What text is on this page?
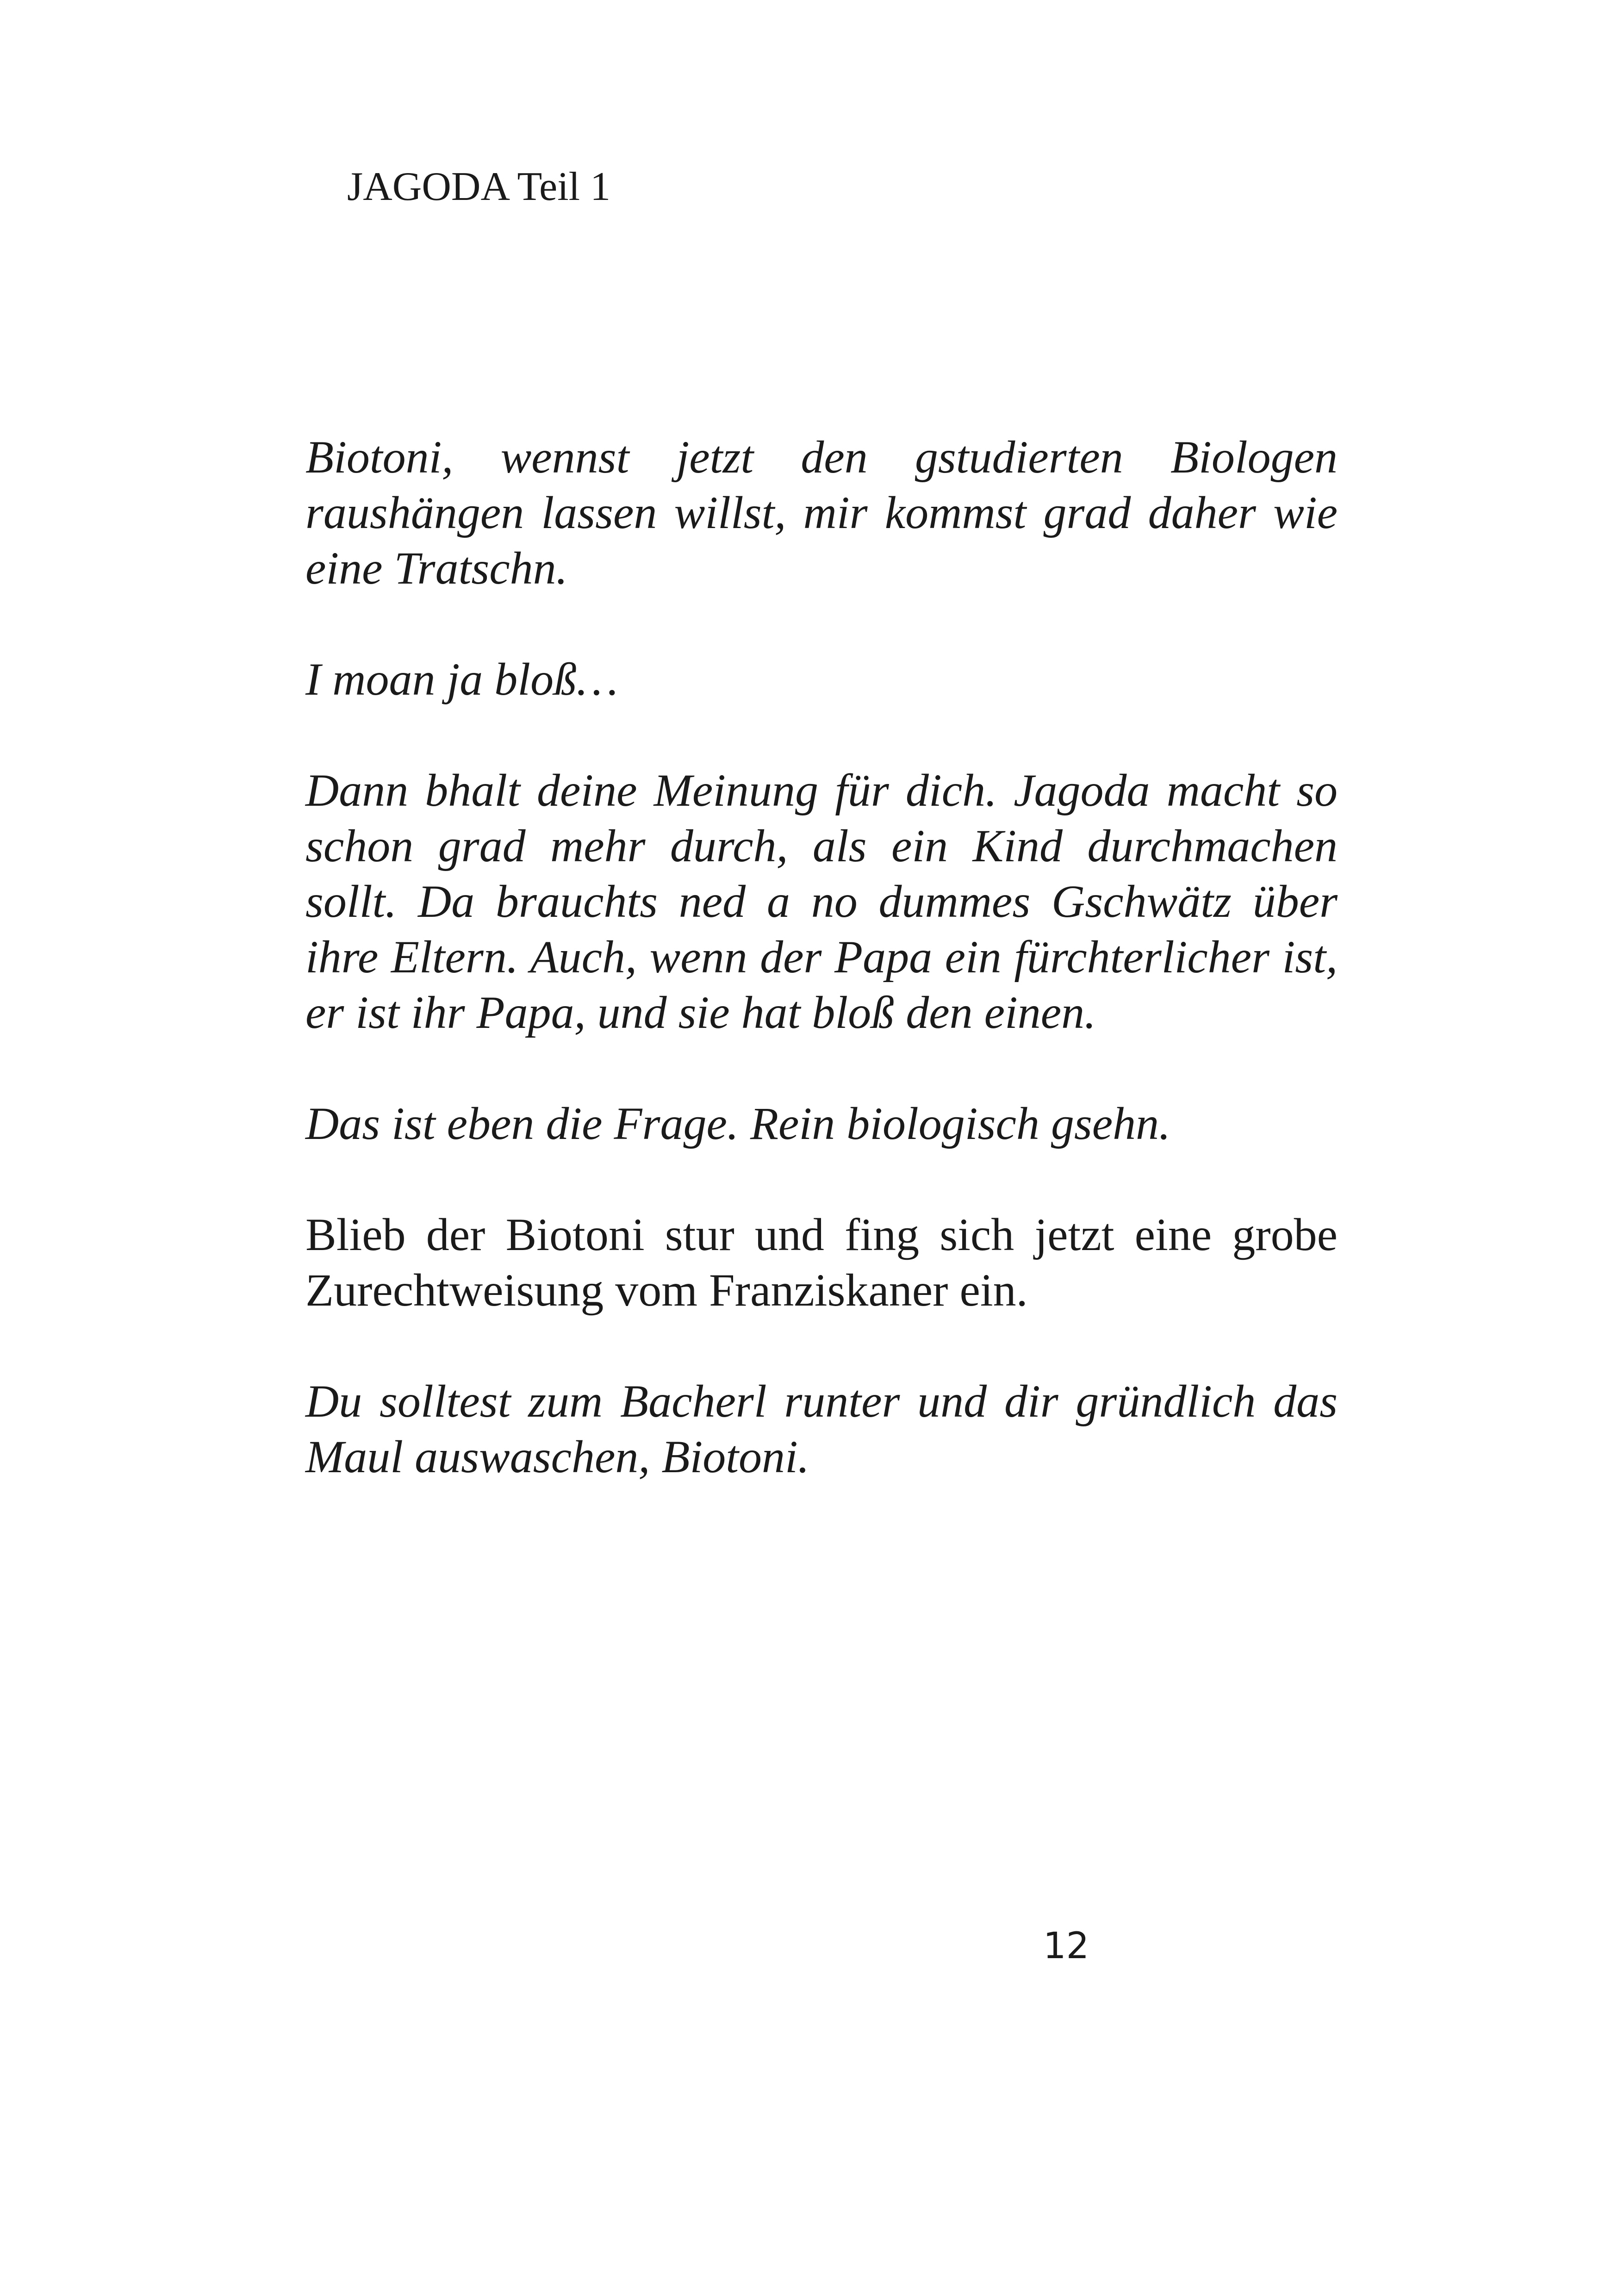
JAGODA Teil 1

Biotoni, wennst jetzt den gstudierten Biologen raushängen lassen willst, mir kommst grad daher wie eine Tratschn.

I moan ja bloß…

Dann bhalt deine Meinung für dich. Jagoda macht so schon grad mehr durch, als ein Kind durchmachen sollt. Da brauchts ned a no dummes Gschwätz über ihre Eltern. Auch, wenn der Papa ein fürchterlicher ist, er ist ihr Papa, und sie hat bloß den einen.

Das ist eben die Frage. Rein biologisch gsehn.

Blieb der Biotoni stur und fing sich jetzt eine grobe Zurechtweisung vom Franziskaner ein.

Du solltest zum Bacherl runter und dir gründlich das Maul auswaschen, Biotoni.

12
